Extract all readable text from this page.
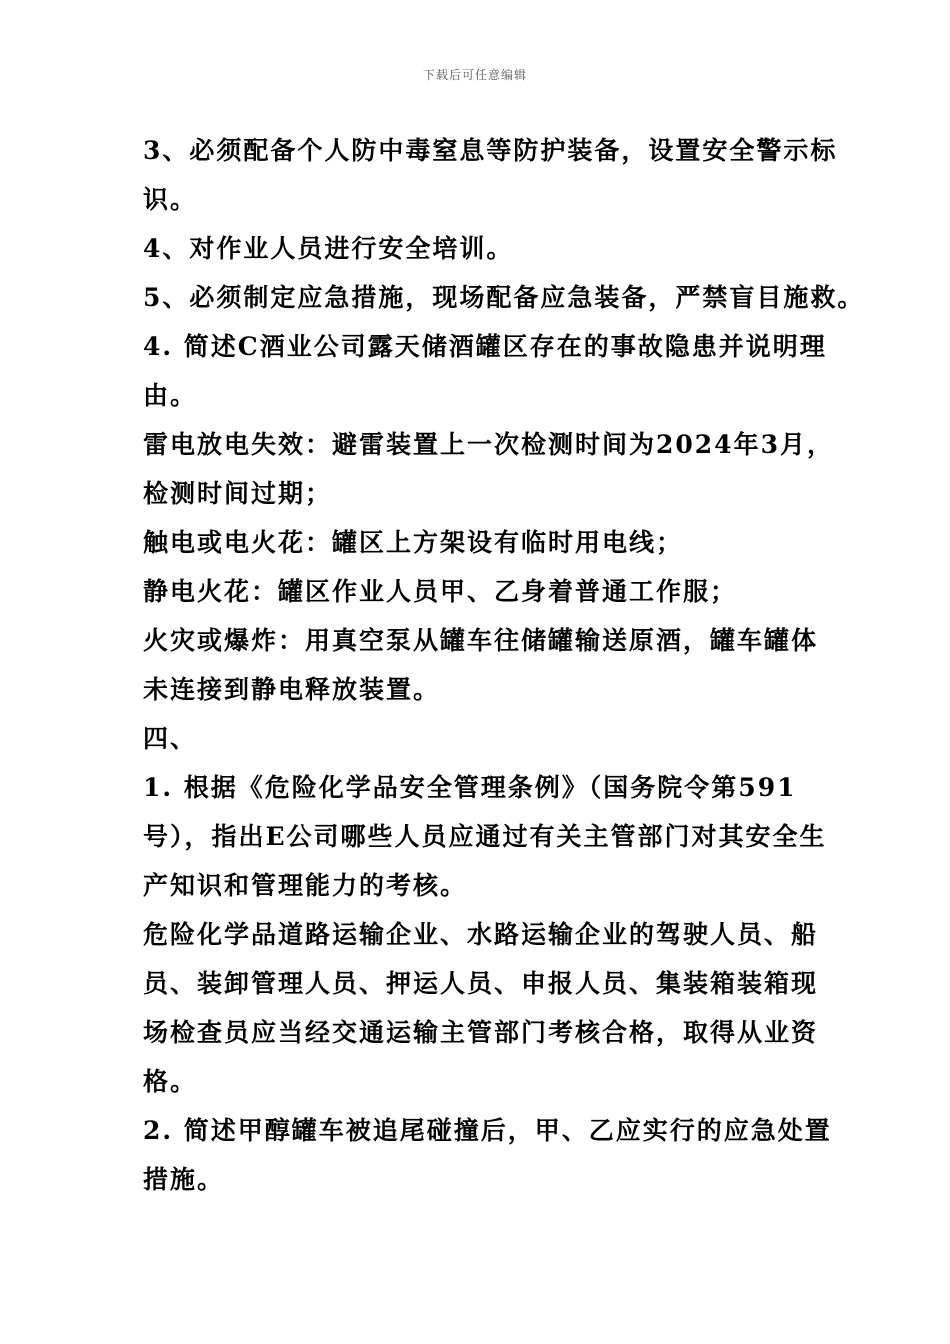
下载后可任意编辑
3、必须配备个人防中毒窒息等防护装备，设置安全警示标
识。
4、对作业人员进行安全培训。
5、必须制定应急措施，现场配备应急装备，严禁盲目施救。
4. 简述C酒业公司露天储酒罐区存在的事故隐患并说明理
由。
雷电放电失效：避雷装置上一次检测时间为2024年3月，
检测时间过期；
触电或电火花：罐区上方架设有临时用电线；
静电火花：罐区作业人员甲、乙身着普通工作服；
火灾或爆炸：用真空泵从罐车往储罐输送原酒，罐车罐体
未连接到静电释放装置。
四、
1. 根据《危险化学品安全管理条例》（国务院令第591
号），指出E公司哪些人员应通过有关主管部门对其安全生
产知识和管理能力的考核。
危险化学品道路运输企业、水路运输企业的驾驶人员、船
员、装卸管理人员、押运人员、申报人员、集装箱装箱现
场检查员应当经交通运输主管部门考核合格，取得从业资
格。
2. 简述甲醇罐车被追尾碰撞后，甲、乙应实行的应急处置
措施。
